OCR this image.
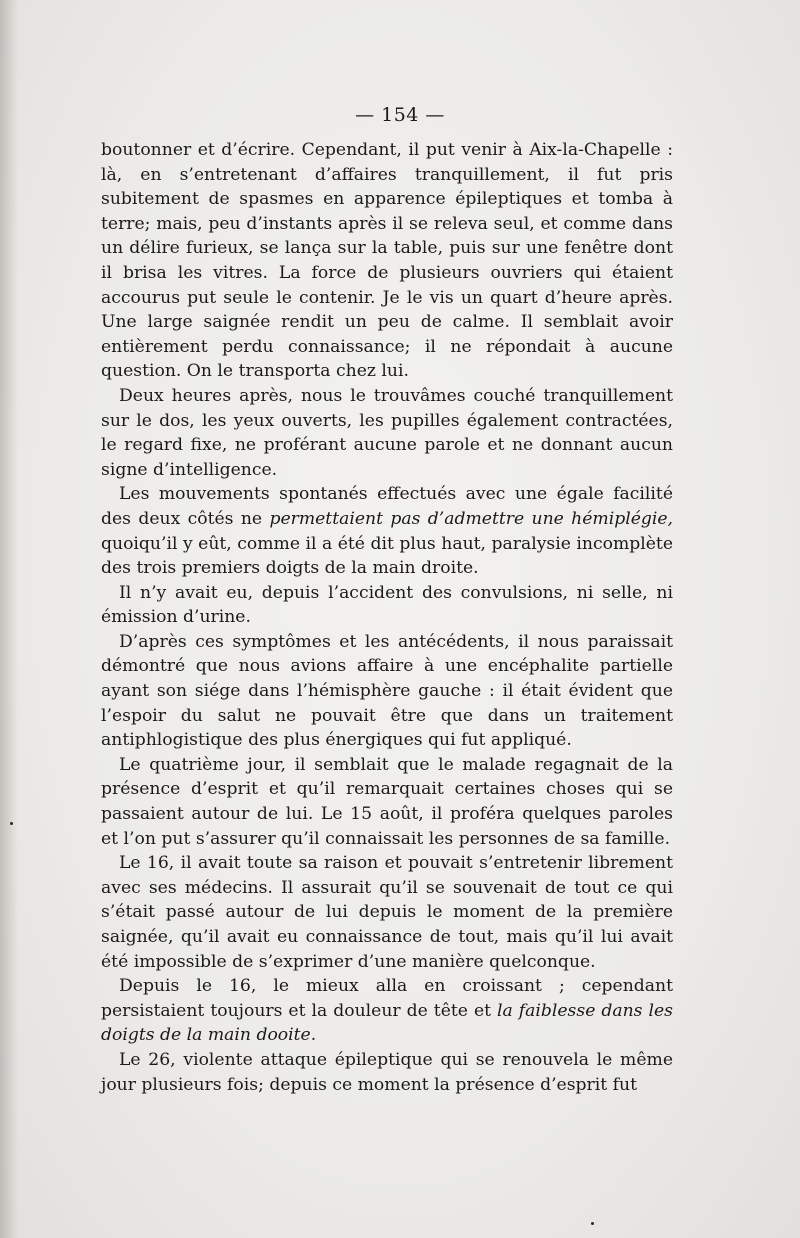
— 154 —

boutonner et d’écrire. Cependant, il put venir à Aix-la-Chapelle : là, en s’entretenant d’affaires tranquillement, il fut pris subitement de spasmes en apparence épileptiques et tomba à terre; mais, peu d’instants après il se releva seul, et comme dans un délire furieux, se lança sur la table, puis sur une fenêtre dont il brisa les vitres. La force de plusieurs ouvriers qui étaient accourus put seule le contenir. Je le vis un quart d’heure après. Une large saignée rendit un peu de calme. Il semblait avoir entièrement perdu connaissance; il ne répondait à aucune question. On le transporta chez lui.

Deux heures après, nous le trouvâmes couché tranquillement sur le dos, les yeux ouverts, les pupilles également contractées, le regard fixe, ne proférant aucune parole et ne donnant aucun signe d’intelligence.

Les mouvements spontanés effectués avec une égale facilité des deux côtés ne permettaient pas d’admettre une hémiplégie, quoiqu’il y eût, comme il a été dit plus haut, paralysie incomplète des trois premiers doigts de la main droite.

Il n’y avait eu, depuis l’accident des convulsions, ni selle, ni émission d’urine.

D’après ces symptômes et les antécédents, il nous paraissait démontré que nous avions affaire à une encéphalite partielle ayant son siége dans l’hémisphère gauche : il était évident que l’espoir du salut ne pouvait être que dans un traitement antiphlogistique des plus énergiques qui fut appliqué.

Le quatrième jour, il semblait que le malade regagnait de la présence d’esprit et qu’il remarquait certaines choses qui se passaient autour de lui. Le 15 août, il proféra quelques paroles et l’on put s’assurer qu’il connaissait les personnes de sa famille.

Le 16, il avait toute sa raison et pouvait s’entretenir librement avec ses médecins. Il assurait qu’il se souvenait de tout ce qui s’était passé autour de lui depuis le moment de la première saignée, qu’il avait eu connaissance de tout, mais qu’il lui avait été impossible de s’exprimer d’une manière quelconque.

Depuis le 16, le mieux alla en croissant ; cependant persistaient toujours et la douleur de tête et la faiblesse dans les doigts de la main dooite.

Le 26, violente attaque épileptique qui se renouvela le même jour plusieurs fois; depuis ce moment la présence d’esprit fut
